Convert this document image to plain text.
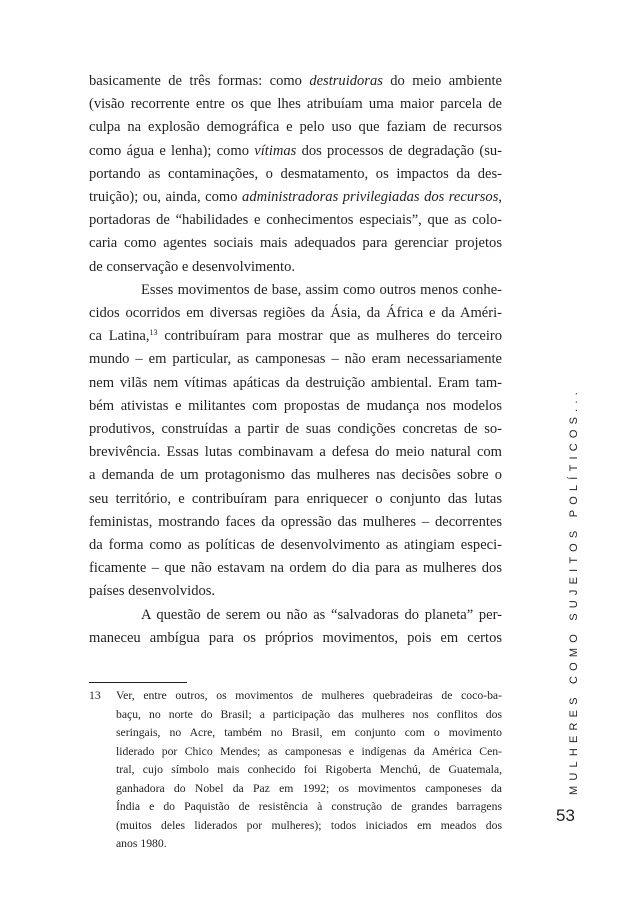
basicamente de três formas: como destruidoras do meio ambiente
(visão recorrente entre os que lhes atribuíam uma maior parcela de
culpa na explosão demográfica e pelo uso que faziam de recursos
como água e lenha); como vítimas dos processos de degradação (su-
portando as contaminações, o desmatamento, os impactos da des-
truição); ou, ainda, como administradoras privilegiadas dos recursos,
portadoras de “habilidades e conhecimentos especiais”, que as colo-
caria como agentes sociais mais adequados para gerenciar projetos
de conservação e desenvolvimento.
Esses movimentos de base, assim como outros menos conhe-
cidos ocorridos em diversas regiões da Ásia, da África e da Améri-
ca Latina,$^{13}$ contribuíram para mostrar que as mulheres do terceiro
mundo – em particular, as camponesas – não eram necessariamente
nem vilãs nem vítimas apáticas da destruição ambiental. Eram tam-
bém ativistas e militantes com propostas de mudança nos modelos
produtivos, construídas a partir de suas condições concretas de so-
brevivência. Essas lutas combinavam a defesa do meio natural com
a demanda de um protagonismo das mulheres nas decisões sobre o
seu território, e contribuíram para enriquecer o conjunto das lutas
feministas, mostrando faces da opressão das mulheres – decorrentes
da forma como as políticas de desenvolvimento as atingiam especi-
ficamente – que não estavam na ordem do dia para as mulheres dos
países desenvolvidos.
A questão de serem ou não as “salvadoras do planeta” per-
maneceu ambígua para os próprios movimentos, pois em certos
13 Ver, entre outros, os movimentos de mulheres quebradeiras de coco-ba-
baçu, no norte do Brasil; a participação das mulheres nos conflitos dos
seringais, no Acre, também no Brasil, em conjunto com o movimento
liderado por Chico Mendes; as camponesas e indígenas da América Cen-
tral, cujo símbolo mais conhecido foi Rigoberta Menchú, de Guatemala,
ganhadora do Nobel da Paz em 1992; os movimentos camponeses da
Índia e do Paquistão de resistência à construção de grandes barragens
(muitos deles liderados por mulheres); todos iniciados em meados dos
anos 1980.
MULHERES COMO SUJEITOS POLÍTICOS...
53
